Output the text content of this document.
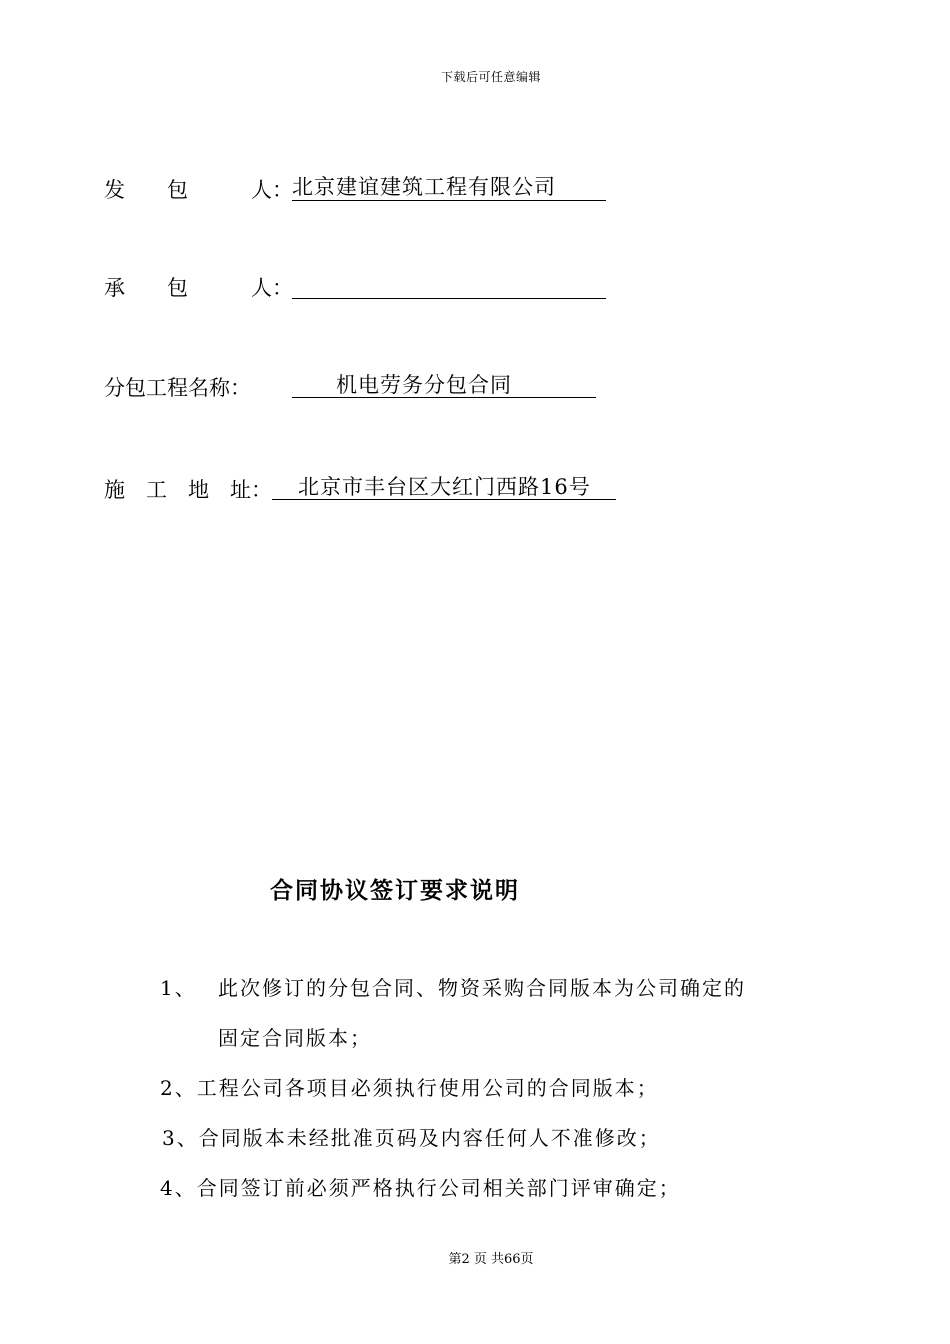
下载后可任意编辑
发　　包　　　人： 北京建谊建筑工程有限公司
承　　包　　　人：
分包工程名称：	机电劳务分包合同
施　工　地　址：	北京市丰台区大红门西路16号
合同协议签订要求说明
1、 此次修订的分包合同、物资采购合同版本为公司确定的
固定合同版本；
2、工程公司各项目必须执行使用公司的合同版本；
3、合同版本未经批准页码及内容任何人不准修改；
4、合同签订前必须严格执行公司相关部门评审确定；
第2 页 共66页
